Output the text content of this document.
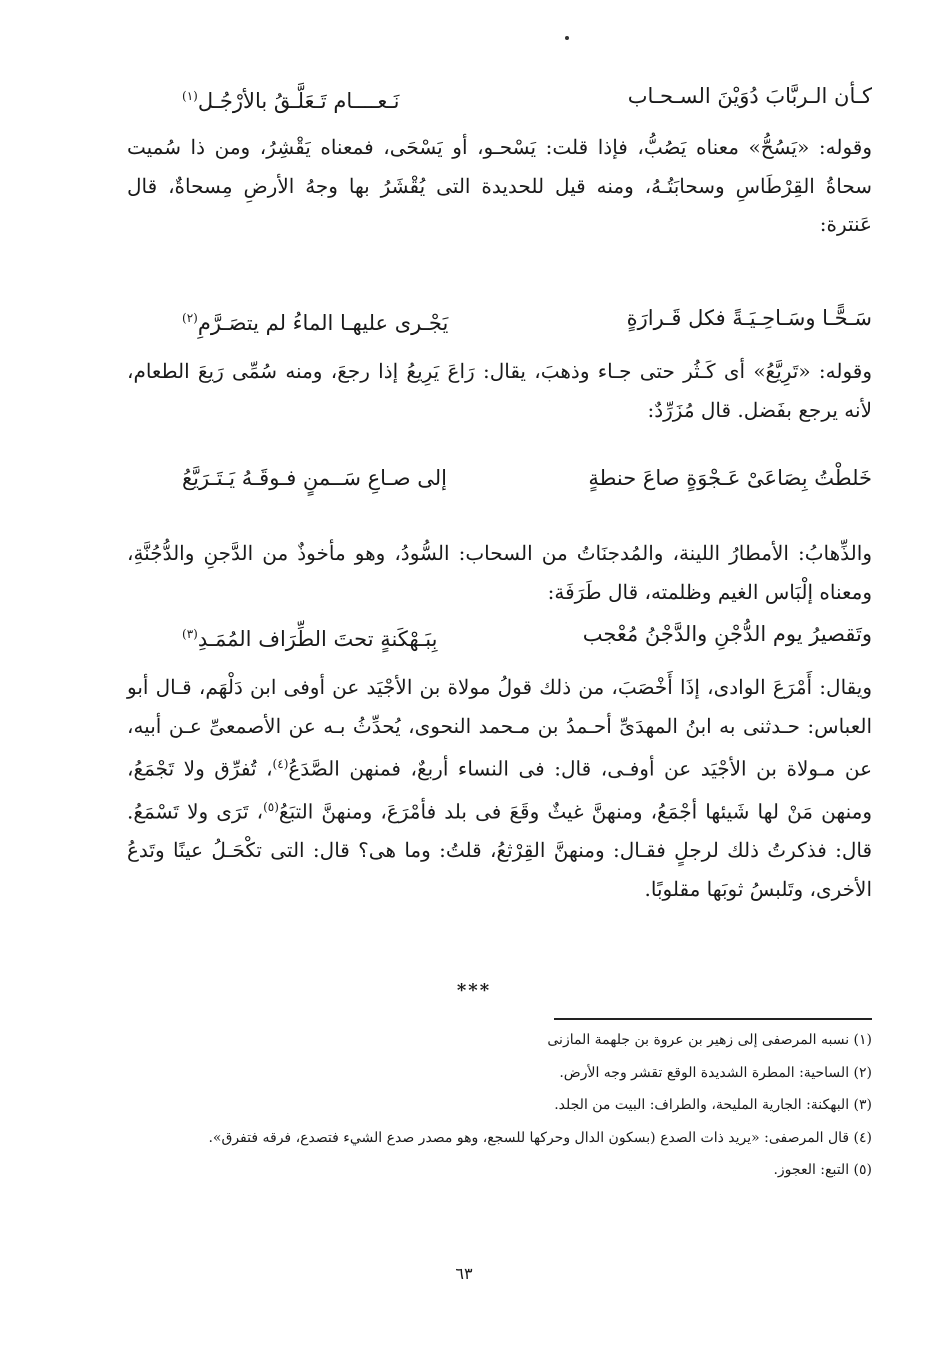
كـأن الـربَّابَ دُوَيْنَ السـحـاب
نَـعــــام تَـعَلَّـقُ بالأرْجُـل(١)
وقوله: «يَسُحُّ» معناه يَصُبُّ، فإذا قلت: يَسْحـو، أو يَسْحَى، فمعناه يَقْشِرُ، ومن ذا سُميت سحاةُ القِرْطَاسِ وسحابَتُـهُ، ومنه قيل للحديدة التى يُقْشَرُ بها وجهُ الأرضِ مِسحاةٌ، قال عَنترة:
سَـحًّـا وسَـاحِـيَـةً فكل قَـرارَةٍ
يَجْـرى عليهـا الماءُ لم يتصَـرَّمِ(٢)
وقوله: «تَرِيَّعُ» أى كَـثُر حتى جـاء وذهبَ، يقال: رَاعَ يَرِيعُ إذا رجعَ، ومنه سُمِّى رَيعَ الطعام، لأنه يرجع بفَضل. قال مُزَرِّدٌ:
خَلطْتُ بِصَاعَىْ عَـجْوَةٍ صاعَ حنطةٍ
إلى صـاعِ سَــمنٍ فـوقَـهُ يَـتَـرَيَّعُ
والذِّهابُ: الأمطارُ اللينة، والمُدجنَاتُ من السحاب: السُّودُ، وهو مأخوذٌ من الدَّجنِ والدُّجُنَّةِ، ومعناه إلْبَاس الغيم وظلمته، قال طَرَفَة:
وتَقصيرُ يوم الدُّجْنِ والدَّجْنُ مُعْجب
بِبَـهْكَنةٍ تحتَ الطِّرَاف المُمَـدِ(٣)
ويقال: أَمْرَعَ الوادى، إذَا أَخْصَبَ، من ذلك قولُ مولاة بن الأجْيَد عن أوفى ابن دَلْهَم، قـال أبو العباس: حـدثنى به ابنُ المهدَىِّ أحـمدُ بن مـحمد النحوى، يُحدِّثُ بـه عن الأصمعىِّ عـن أبيه، عن مـولاة بن الأجْيَد عن أوفـى، قال: فى النساء أربعٌ، فمنهن الصَّدَعُ$^{(٤)}$، تُفرِّق ولا تَجْمَعُ، ومنهن مَنْ لها شَيئها أجْمَعُ، ومنهنَّ غيثٌ وقَعَ فى بلد فأمْرَعَ، ومنهنَّ التبَعُ$^{(٥)}$، تَرَى ولا تَسْمَعُ. قال: فذكرتُ ذلك لرجلٍ فقـال: ومنهنَّ القِرْثعُ، قلتُ: وما هى؟ قال: التى تكْحَـلُ عينًا وتَدعُ الأخرى، وتَلبسُ ثوبَها مقلوبًا.
***
(١) نسبه المرصفى إلى زهير بن عروة بن جلهمة المازنى
(٢) الساحية: المطرة الشديدة الوقع تقشر وجه الأرض.
(٣) البهكنة: الجارية المليحة، والطراف: البيت من الجلد.
(٤) قال المرصفى: «يريد ذات الصدع (بسكون الدال وحركها للسجع، وهو مصدر صدع الشيء فتصدع، فرقه فتفرق».
(٥) التبع: العجوز.
٦٣
